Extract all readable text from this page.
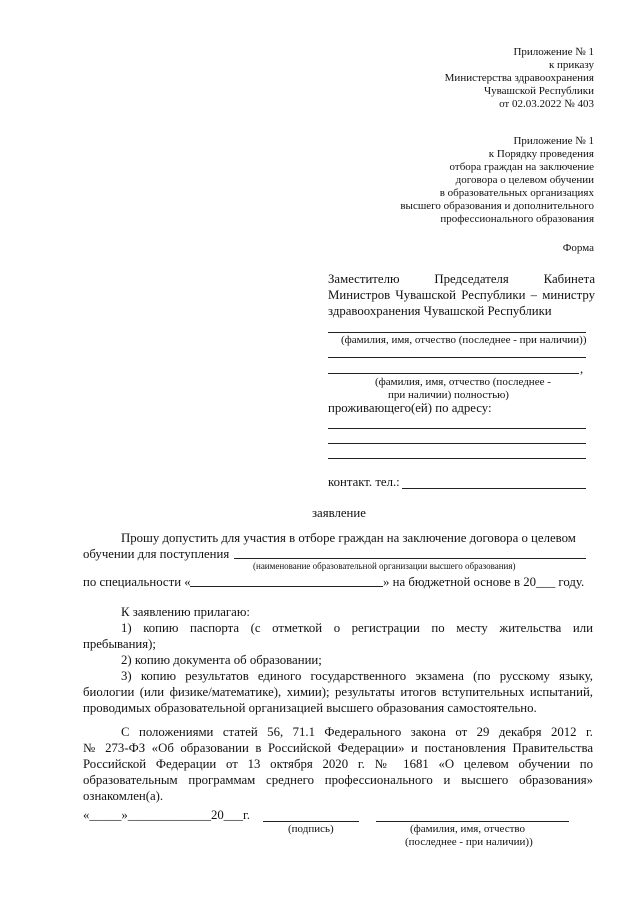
Приложение № 1
к приказу
Министерства здравоохранения
Чувашской Республики
от 02.03.2022 № 403
Приложение № 1
к Порядку проведения
отбора граждан на заключение
договора о целевом обучении
в образовательных организациях
высшего образования и дополнительного
профессионального образования
Форма
Заместителю Председателя Кабинета
Министров Чувашской Республики – министру
здравоохранения Чувашской Республики
(фамилия, имя, отчество (последнее - при наличии))
,
(фамилия, имя, отчество (последнее -
при наличии) полностью)
проживающего(ей) по адресу:
контакт. тел.:
заявление
Прошу допустить для участия в отборе граждан на заключение договора о целевом
обучении для поступления
(наименование образовательной организации высшего образования)
по специальности «	» на бюджетной основе в 20___ году.
К заявлению прилагаю:
1) копию паспорта (с отметкой о регистрации по месту жительства или
пребывания);
2) копию документа об образовании;
3) копию результатов единого государственного экзамена (по русскому языку,
биологии (или физике/математике), химии); результаты итогов вступительных испытаний,
проводимых образовательной организацией высшего образования самостоятельно.
С положениями статей 56, 71.1 Федерального закона от 29 декабря 2012 г.
№ 273-ФЗ «Об образовании в Российской Федерации» и постановления Правительства
Российской Федерации от 13 октября 2020 г. № 1681 «О целевом обучении по
образовательным программам среднего профессионального и высшего образования»
ознакомлен(а).
«_____»_____________20___г.
(подпись)	(фамилия, имя, отчество
(последнее - при наличии))
